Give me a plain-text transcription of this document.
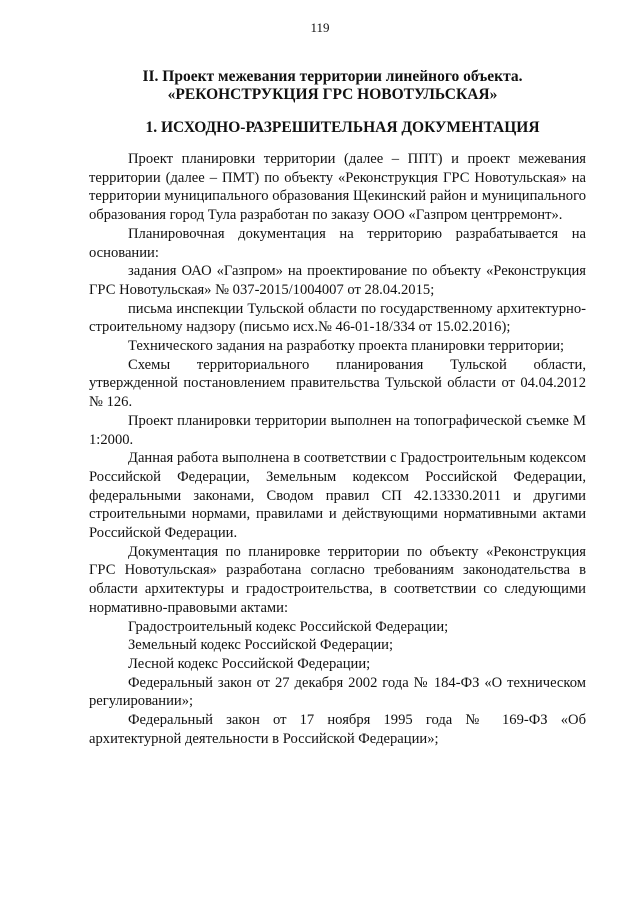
119
II. Проект межевания территории линейного объекта.
«РЕКОНСТРУКЦИЯ ГРС НОВОТУЛЬСКАЯ»
1. ИСХОДНО-РАЗРЕШИТЕЛЬНАЯ ДОКУМЕНТАЦИЯ

Проект планировки территории (далее – ППТ) и проект межевания территории (далее – ПМТ) по объекту «Реконструкция ГРС Новотульская» на территории муниципального образования Щекинский район и муниципального образования город Тула разработан по заказу ООО «Газпром центрремонт».

Планировочная документация на территорию разрабатывается на основании:

задания ОАО «Газпром» на проектирование по объекту «Реконструкция ГРС Новотульская» № 037-2015/1004007 от 28.04.2015;

письма инспекции Тульской области по государственному архитектурно-строительному надзору (письмо исх.№ 46-01-18/334 от 15.02.2016);

Технического задания на разработку проекта планировки территории;

Схемы территориального планирования Тульской области, утвержденной постановлением правительства Тульской области от 04.04.2012 № 126.

Проект планировки территории выполнен на топографической съемке М 1:2000.

Данная работа выполнена в соответствии с Градостроительным кодексом Российской Федерации, Земельным кодексом Российской Федерации, федеральными законами, Сводом правил СП 42.13330.2011 и другими строительными нормами, правилами и действующими нормативными актами Российской Федерации.

Документация по планировке территории по объекту «Реконструкция ГРС Новотульская» разработана согласно требованиям законодательства в области архитектуры и градостроительства, в соответствии со следующими нормативно-правовыми актами:

Градостроительный кодекс Российской Федерации;

Земельный кодекс Российской Федерации;

Лесной кодекс Российской Федерации;

Федеральный закон от 27 декабря 2002 года № 184-ФЗ «О техническом регулировании»;

Федеральный закон от 17 ноября 1995 года № 169-ФЗ «Об архитектурной деятельности в Российской Федерации»;
